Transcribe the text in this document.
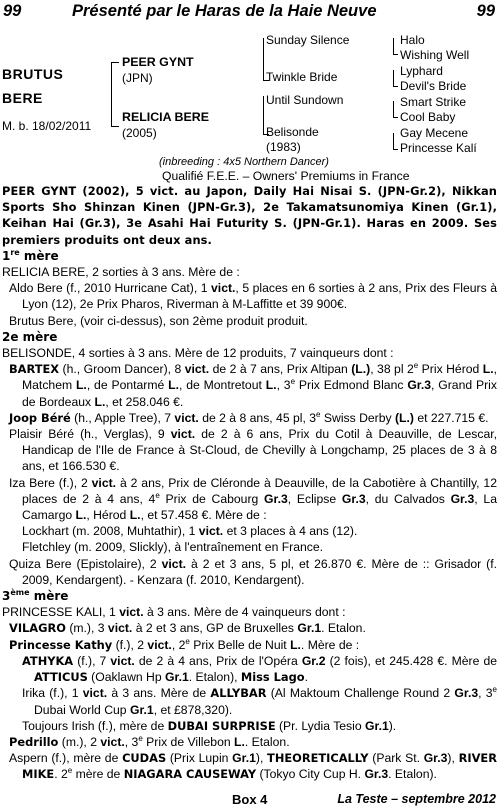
99	Présenté par le Haras de la Haie Neuve	99
BRUTUS
BERE
M. b. 18/02/2011
PEER GYNT
(JPN)
RELICIA BERE
(2005)
Sunday Silence
Twinkle Bride
Until Sundown
Belisonde
(1983)
Halo
Wishing Well
Lyphard
Devil's Bride
Smart Strike
Cool Baby
Gay Mecene
Princesse Kalí
(inbreeding : 4x5 Northern Dancer)
Qualifié F.E.E. – Owners' Premiums in France

PEER GYNT (2002), 5 vict. au Japon, Daily Hai Nisai S. (JPN-Gr.2), Nikkan Sports Sho Shinzan Kinen (JPN-Gr.3), 2e Takamatsunomiya Kinen (Gr.1), Keihan Hai (Gr.3), 3e Asahi Hai Futurity S. (JPN-Gr.1). Haras en 2009. Ses premiers produits ont deux ans.

1re mère

RELICIA BERE, 2 sorties à 3 ans. Mère de :

Aldo Bere (f., 2010 Hurricane Cat), 1 vict., 5 places en 6 sorties à 2 ans, Prix des Fleurs à Lyon (12), 2e Prix Pharos, Riverman à M-Laffitte et 39 900€.

Brutus Bere, (voir ci-dessus), son 2ème produit produit.

2e mère

BELISONDE, 4 sorties à 3 ans. Mère de 12 produits, 7 vainqueurs dont :

BARTEX (h., Groom Dancer), 8 vict. de 2 à 7 ans, Prix Altipan (L.), 38 pl 2e Prix Hérod L., Matchem L., de Pontarmé L., de Montretout L., 3e Prix Edmond Blanc Gr.3, Grand Prix de Bordeaux L., et 258.046 €.

Joop Béré (h., Apple Tree), 7 vict. de 2 à 8 ans, 45 pl, 3e Swiss Derby (L.) et 227.715 €.

Plaisir Béré (h., Verglas), 9 vict. de 2 à 6 ans, Prix du Cotil à Deauville, de Lescar, Handicap de l'Ile de France à St-Cloud, de Chevilly à Longchamp, 25 places de 3 à 8 ans, et 166.530 €.

Iza Bere (f.), 2 vict. à 2 ans, Prix de Cléronde à Deauville, de la Cabotière à Chantilly, 12 places de 2 à 4 ans, 4e Prix de Cabourg Gr.3, Eclipse Gr.3, du Calvados Gr.3, La Camargo L., Hérod L., et 57.458 €. Mère de :

Lockhart (m. 2008, Muhtathir), 1 vict. et 3 places à 4 ans (12).

Fletchley (m. 2009, Slickly), à l'entraînement en France.

Quiza Bere (Epistolaire), 2 vict. à 2 et 3 ans, 5 pl, et 26.870 €. Mère de :: Grisador (f. 2009, Kendargent). - Kenzara (f. 2010, Kendargent).

3ème mère

PRINCESSE KALI, 1 vict. à 3 ans. Mère de 4 vainqueurs dont :

VILAGRO (m.), 3 vict. à 2 et 3 ans, GP de Bruxelles Gr.1. Etalon.

Princesse Kathy (f.), 2 vict., 2e Prix Belle de Nuit L.. Mère de :

ATHYKA (f.), 7 vict. de 2 à 4 ans, Prix de l'Opéra Gr.2 (2 fois), et 245.428 €. Mère de ATTICUS (Oaklawn Hp Gr.1. Etalon), Miss Lago.

Irika (f.), 1 vict. à 3 ans. Mère de ALLYBAR (Al Maktoum Challenge Round 2 Gr.3, 3e Dubai World Cup Gr.1, et £878,320).

Toujours Irish (f.), mère de DUBAI SURPRISE (Pr. Lydia Tesio Gr.1).

Pedrillo (m.), 2 vict., 3e Prix de Villebon L.. Etalon.

Aspern (f.), mère de CUDAS (Prix Lupin Gr.1), THEORETICALLY (Park St. Gr.3), RIVER MIKE. 2e mère de NIAGARA CAUSEWAY (Tokyo City Cup H. Gr.3. Etalon).

Box 4	La Teste – septembre 2012
